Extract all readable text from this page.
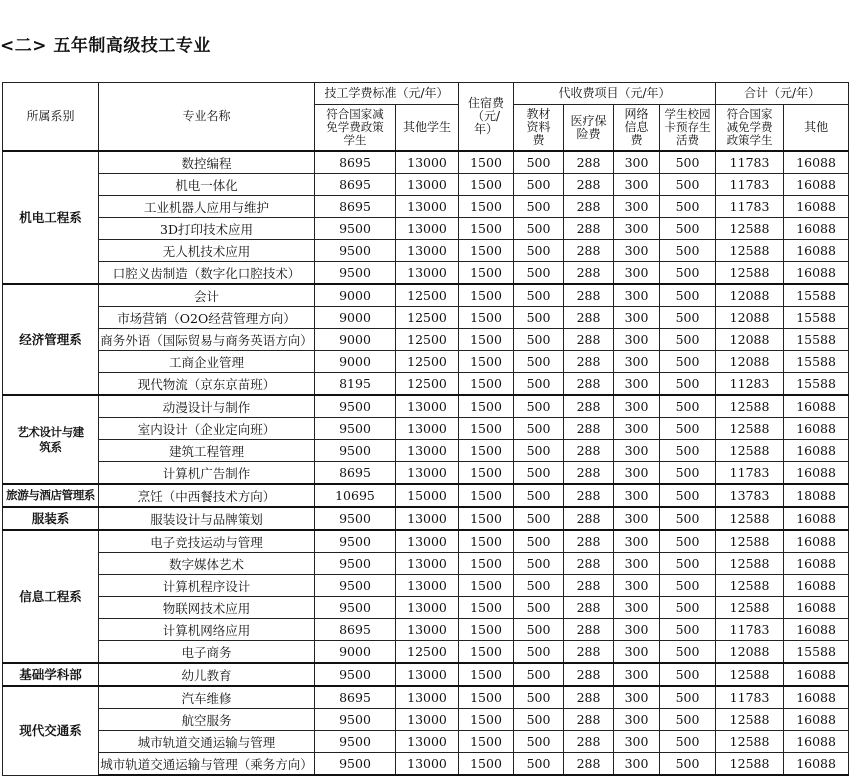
<二> 五年制高级技工专业
所属系别	专业名称	技工学费标准（元/年）		住宿费（元/年）	代收费项目（元/年）				合计（元/年）	
		符合国家减免学费政策学生	其他学生		教材资料费	医疗保险费	网络信息费	学生校园卡预存生活费	符合国家减免学费政策学生	其他
机电工程系	数控编程	8695	13000	1500	500	288	300	500	11783	16088
	机电一体化	8695	13000	1500	500	288	300	500	11783	16088
	工业机器人应用与维护	8695	13000	1500	500	288	300	500	11783	16088
	3D打印技术应用	9500	13000	1500	500	288	300	500	12588	16088
	无人机技术应用	9500	13000	1500	500	288	300	500	12588	16088
	口腔义齿制造（数字化口腔技术）	9500	13000	1500	500	288	300	500	12588	16088
经济管理系	会计	9000	12500	1500	500	288	300	500	12088	15588
	市场营销（O2O经营管理方向）	9000	12500	1500	500	288	300	500	12088	15588
	商务外语（国际贸易与商务英语方向）	9000	12500	1500	500	288	300	500	12088	15588
	工商企业管理	9000	12500	1500	500	288	300	500	12088	15588
	现代物流（京东京苗班）	8195	12500	1500	500	288	300	500	11283	15588
艺术设计与建筑系	动漫设计与制作	9500	13000	1500	500	288	300	500	12588	16088
	室内设计（企业定向班）	9500	13000	1500	500	288	300	500	12588	16088
	建筑工程管理	9500	13000	1500	500	288	300	500	12588	16088
	计算机广告制作	8695	13000	1500	500	288	300	500	11783	16088
旅游与酒店管理系	烹饪（中西餐技术方向）	10695	15000	1500	500	288	300	500	13783	18088
服装系	服装设计与品牌策划	9500	13000	1500	500	288	300	500	12588	16088
信息工程系	电子竞技运动与管理	9500	13000	1500	500	288	300	500	12588	16088
	数字媒体艺术	9500	13000	1500	500	288	300	500	12588	16088
	计算机程序设计	9500	13000	1500	500	288	300	500	12588	16088
	物联网技术应用	9500	13000	1500	500	288	300	500	12588	16088
	计算机网络应用	8695	13000	1500	500	288	300	500	11783	16088
	电子商务	9000	12500	1500	500	288	300	500	12088	15588
基础学科部	幼儿教育	9500	13000	1500	500	288	300	500	12588	16088
现代交通系	汽车维修	8695	13000	1500	500	288	300	500	11783	16088
	航空服务	9500	13000	1500	500	288	300	500	12588	16088
	城市轨道交通运输与管理	9500	13000	1500	500	288	300	500	12588	16088
	城市轨道交通运输与管理（乘务方向）	9500	13000	1500	500	288	300	500	12588	16088
